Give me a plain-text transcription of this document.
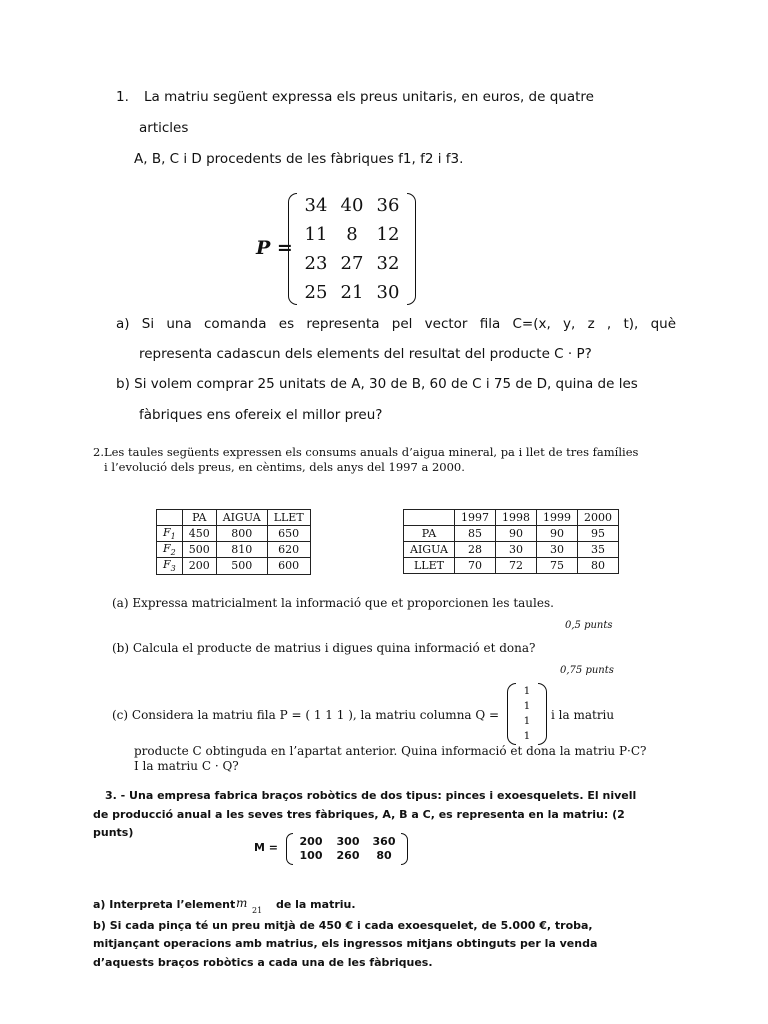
1. La matriu següent expressa els preus unitaris, en euros, de quatre
articles
A, B, C i D procedents de les fàbriques f1, f2 i f3.
P =
34 40 36
11	8	12
23 27 32
25 21 30
a) Si una comanda es representa pel vector fila C=(x, y, z , t), què
representa cadascun dels elements del resultat del producte C · P?
b) Si volem comprar 25 unitats de A, 30 de B, 60 de C i 75 de D, quina de les
fàbriques ens ofereix el millor preu?
2.Les taules següents expressen els consums anuals d’aigua mineral, pa i llet de tres famílies
i l’evolució dels preus, en cèntims, dels anys del 1997 a 2000.
	PA	AIGUA	LLET
$F_1$	450	800	650
$F_2$	500	810	620
$F_3$	200	500	600
	1997	1998	1999	2000
PA	85	90	90	95
AIGUA	28	30	30	35
LLET	70	72	75	80
(a) Expressa matricialment la informació que et proporcionen les taules.
0,5 punts
(b) Calcula el producte de matrius i digues quina informació et dona?
0,75 punts
(c) Considera la matriu fila P = ( 1 1 1 ), la matriu columna Q =
1
1
1
1
i la matriu
producte C obtinguda en l’apartat anterior. Quina informació et dona la matriu P·C?
I la matriu C · Q?
3. - Una empresa fabrica braços robòtics de dos tipus: pinces i exoesquelets. El nivell
de producció anual a les seves tres fàbriques, A, B a C, es representa en la matriu: (2
punts)
M =	200	300	360
100	260	80
a) Interpreta l’element m
21 de la matriu.
b) Si cada pinça té un preu mitjà de 450 € i cada exoesquelet, de 5.000 €, troba,
mitjançant operacions amb matrius, els ingressos mitjans obtinguts per la venda
d’aquests braços robòtics a cada una de les fàbriques.
